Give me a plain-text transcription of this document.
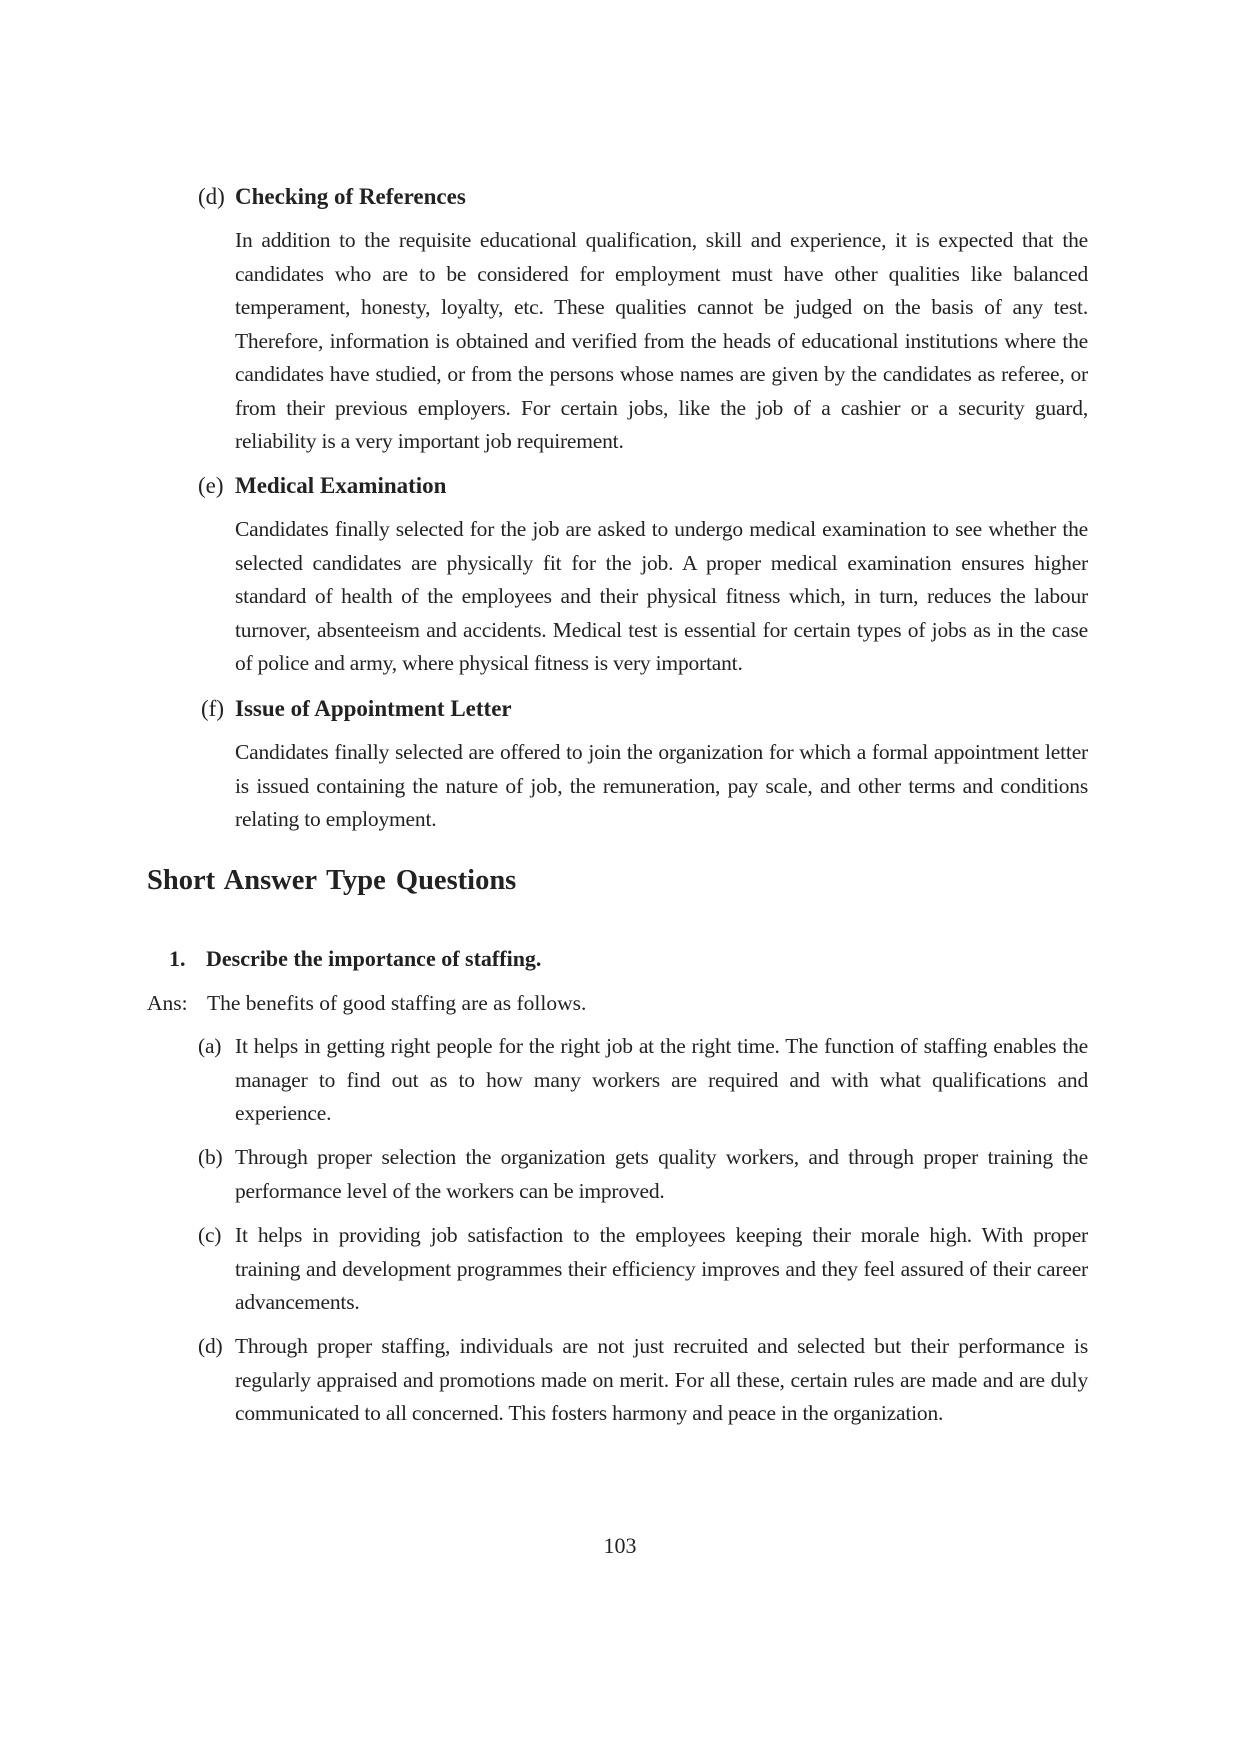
(d) Checking of References

In addition to the requisite educational qualification, skill and experience, it is expected that the candidates who are to be considered for employment must have other qualities like balanced temperament, honesty, loyalty, etc. These qualities cannot be judged on the basis of any test. Therefore, information is obtained and verified from the heads of educational institutions where the candidates have studied, or from the persons whose names are given by the candidates as referee, or from their previous employers. For certain jobs, like the job of a cashier or a security guard, reliability is a very important job requirement.

(e) Medical Examination

Candidates finally selected for the job are asked to undergo medical examination to see whether the selected candidates are physically fit for the job. A proper medical examination ensures higher standard of health of the employees and their physical fitness which, in turn, reduces the labour turnover, absenteeism and accidents. Medical test is essential for certain types of jobs as in the case of police and army, where physical fitness is very important.

(f) Issue of Appointment Letter

Candidates finally selected are offered to join the organization for which a formal appointment letter is issued containing the nature of job, the remuneration, pay scale, and other terms and conditions relating to employment.

Short Answer Type Questions
1. Describe the importance of staffing.
Ans: The benefits of good staffing are as follows.
(a) It helps in getting right people for the right job at the right time. The function of staffing enables the manager to find out as to how many workers are required and with what qualifications and experience.
(b) Through proper selection the organization gets quality workers, and through proper training the performance level of the workers can be improved.
(c) It helps in providing job satisfaction to the employees keeping their morale high. With proper training and development programmes their efficiency improves and they feel assured of their career advancements.
(d) Through proper staffing, individuals are not just recruited and selected but their performance is regularly appraised and promotions made on merit. For all these, certain rules are made and are duly communicated to all concerned. This fosters harmony and peace in the organization.
103
